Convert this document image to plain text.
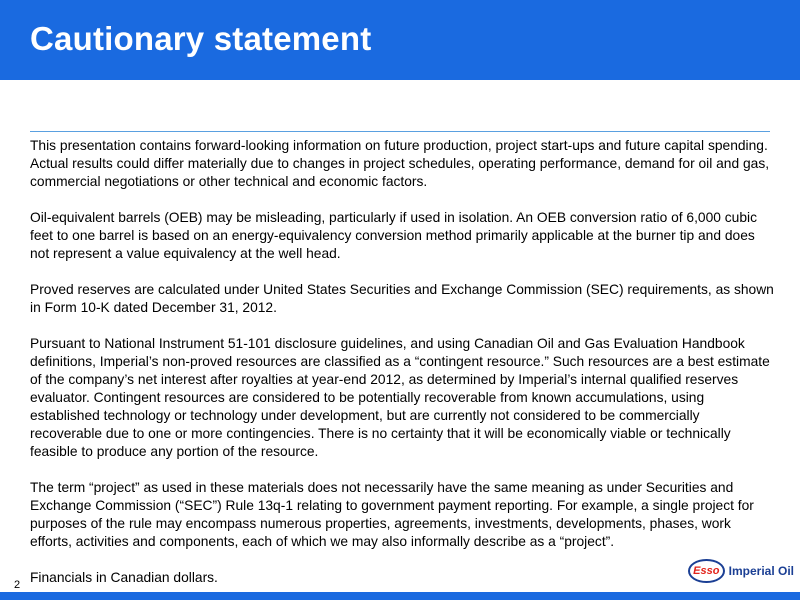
Cautionary statement

This presentation contains forward-looking information on future production, project start-ups and future capital spending. Actual results could differ materially due to changes in project schedules, operating performance, demand for oil and gas, commercial negotiations or other technical and economic factors.

Oil-equivalent barrels (OEB) may be misleading, particularly if used in isolation. An OEB conversion ratio of 6,000 cubic feet to one barrel is based on an energy-equivalency conversion method primarily applicable at the burner tip and does not represent a value equivalency at the well head.

Proved reserves are calculated under United States Securities and Exchange Commission (SEC) requirements, as shown in Form 10-K dated December 31, 2012.

Pursuant to National Instrument 51-101 disclosure guidelines, and using Canadian Oil and Gas Evaluation Handbook definitions, Imperial’s non-proved resources are classified as a “contingent resource.” Such resources are a best estimate of the company’s net interest after royalties at year-end 2012, as determined by Imperial’s internal qualified reserves evaluator. Contingent resources are considered to be potentially recoverable from known accumulations, using established technology or technology under development, but are currently not considered to be commercially recoverable due to one or more contingencies. There is no certainty that it will be economically viable or technically feasible to produce any portion of the resource.

The term “project” as used in these materials does not necessarily have the same meaning as under Securities and Exchange Commission (“SEC”) Rule 13q-1 relating to government payment reporting. For example, a single project for purposes of the rule may encompass numerous properties, agreements, investments, developments, phases, work efforts, activities and components, each of which we may also informally describe as a “project”.

Financials in Canadian dollars.

2
Esso Imperial Oil
